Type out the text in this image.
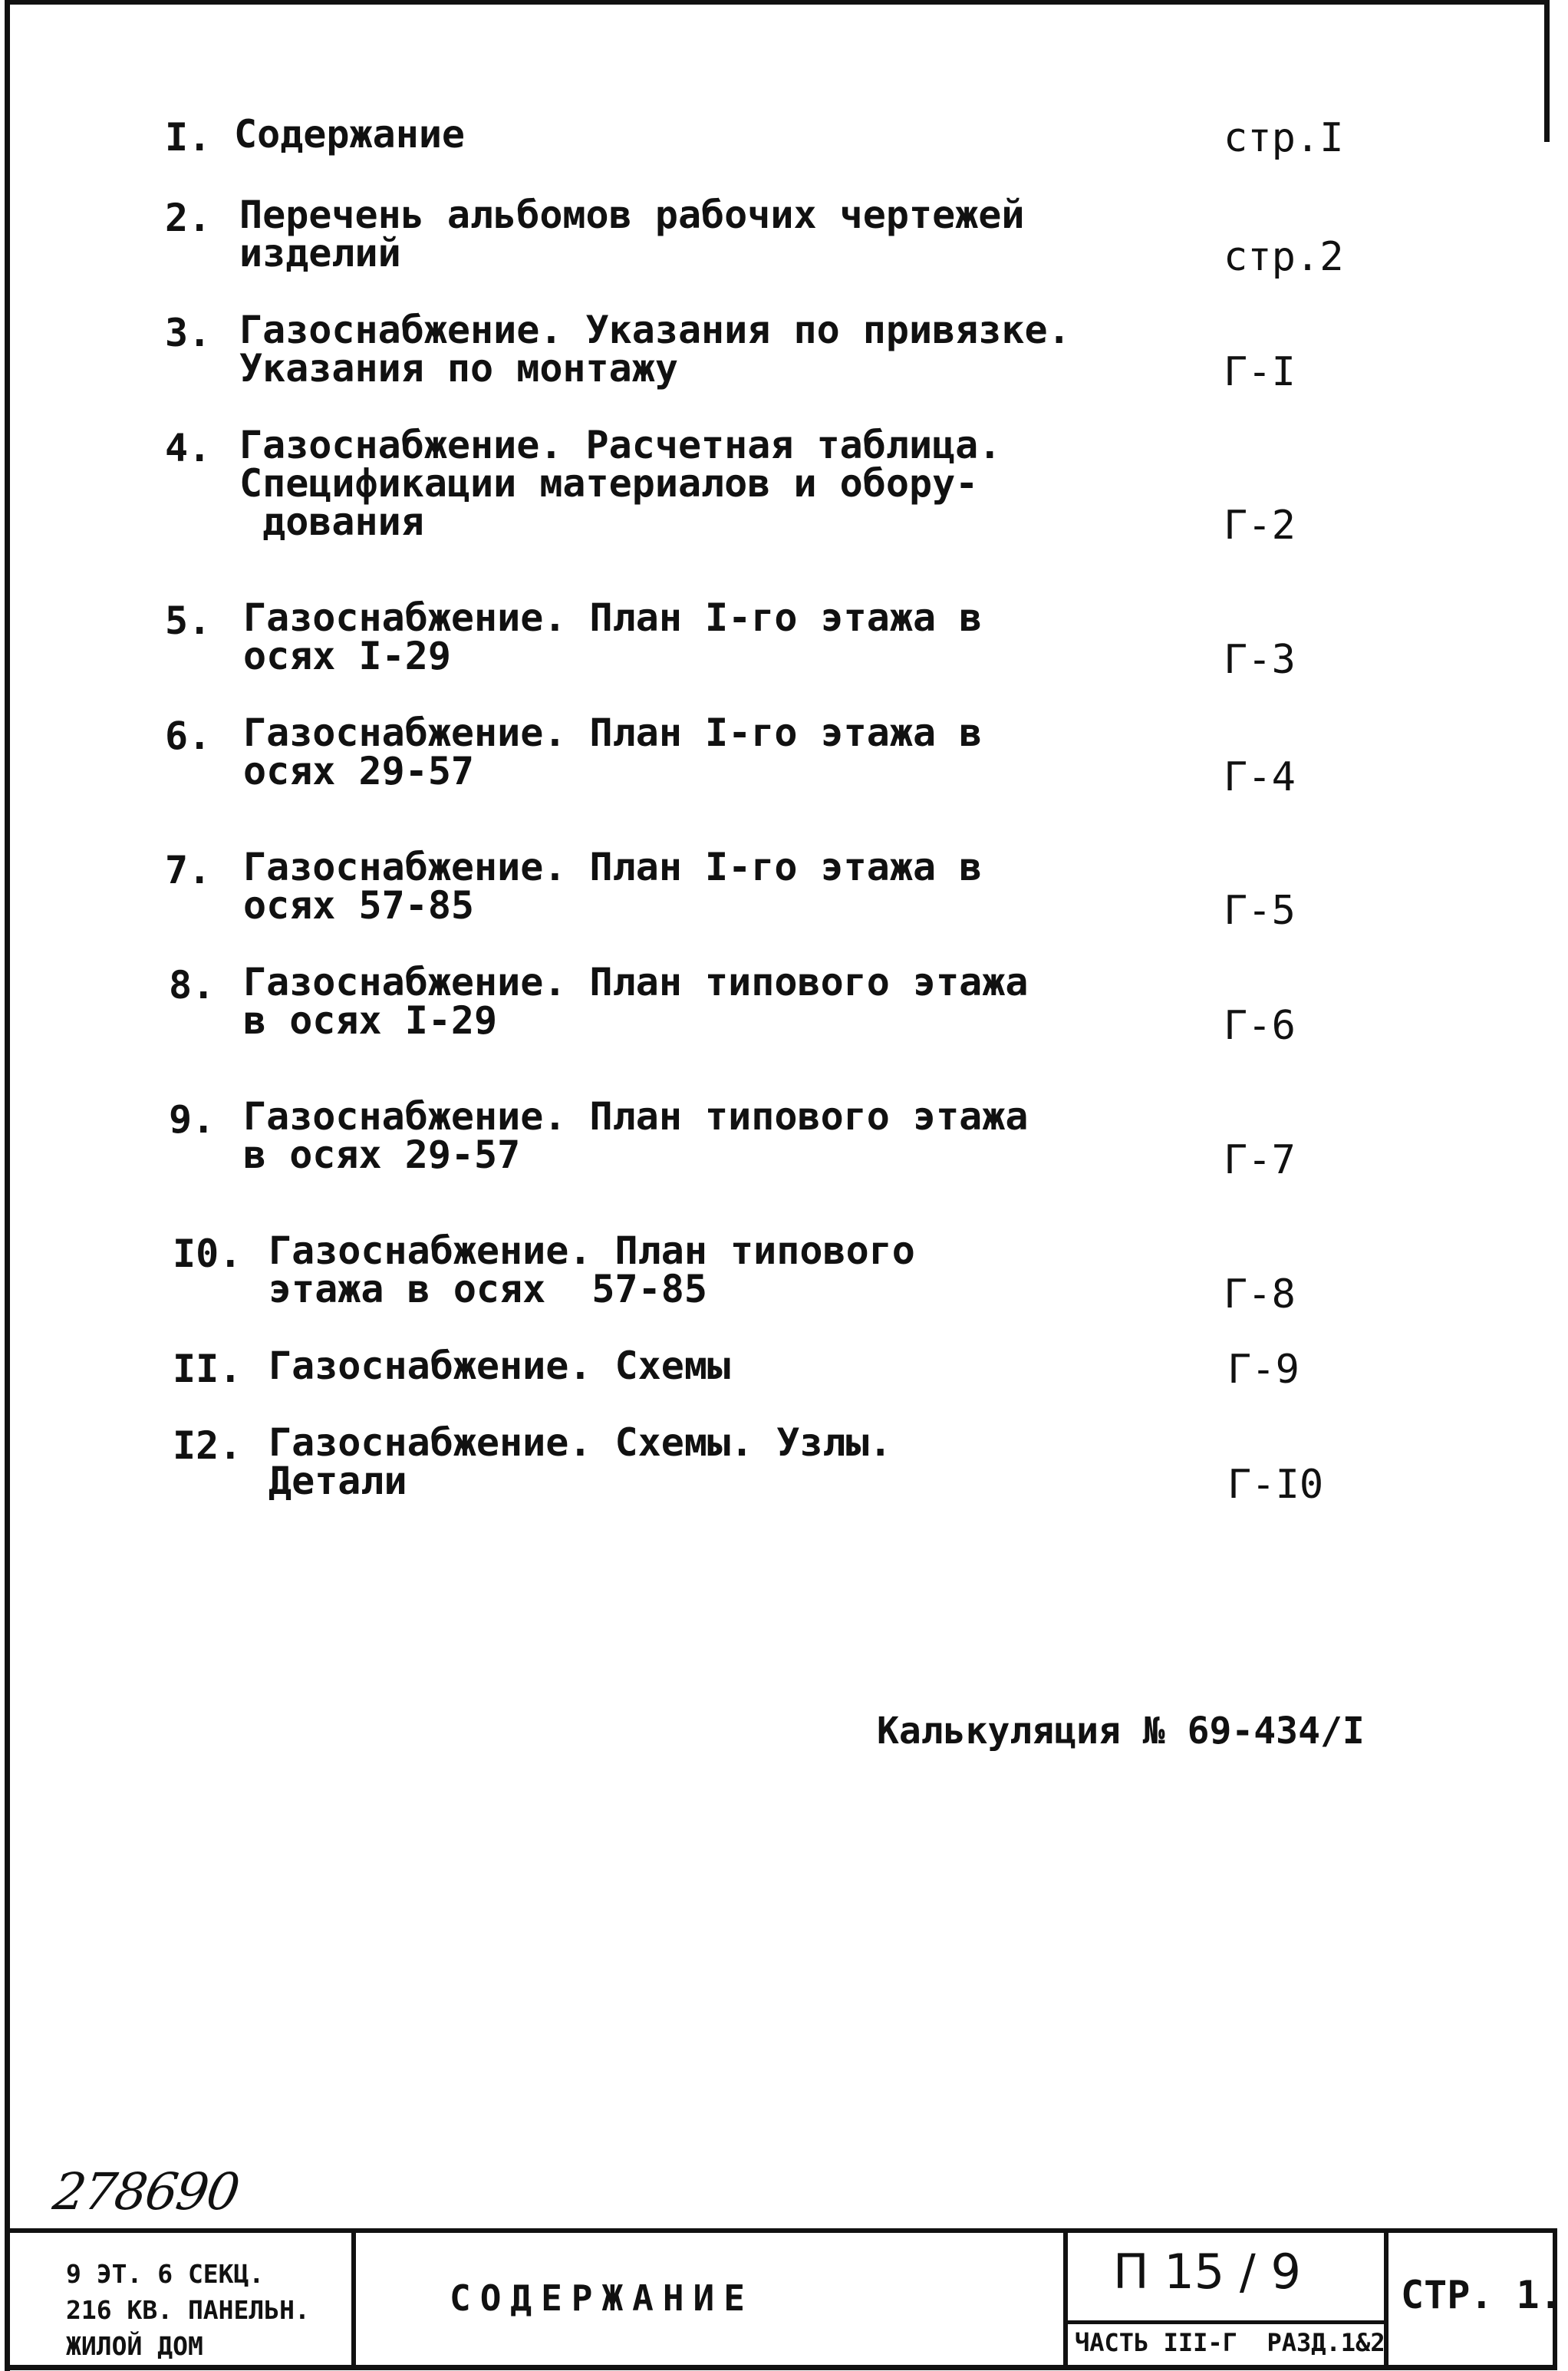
I. Содержание	стр.I
2. Перечень альбомов рабочих чертежей
изделий	стр.2
3. Газоснабжение. Указания по привязке.
Указания по монтажу	Г-I
4. Газоснабжение. Расчетная таблица.
Спецификации материалов и обору-
дования	Г-2
5. Газоснабжение. План I-го этажа в
осях I-29	Г-3
6. Газоснабжение. План I-го этажа в
осях 29-57	Г-4
7. Газоснабжение. План I-го этажа в
осях 57-85	Г-5
8. Газоснабжение. План типового этажа
в осях I-29	Г-6
9. Газоснабжение. План типового этажа
в осях 29-57	Г-7
I0. Газоснабжение. План типового
этажа в осях  57-85	Г-8
II. Газоснабжение. Схемы	Г-9
I2. Газоснабжение. Схемы. Узлы.
Детали	Г-I0
Калькуляция № 69-434/I
278690
9 ЭТ. 6 СЕКЦ.
216 КВ. ПАНЕЛЬН.
ЖИЛОЙ ДОМ
СОДЕРЖАНИЕ	П 15 / 9
ЧАСТЬ III-Г  РАЗД.1&2
СТР. 1.
